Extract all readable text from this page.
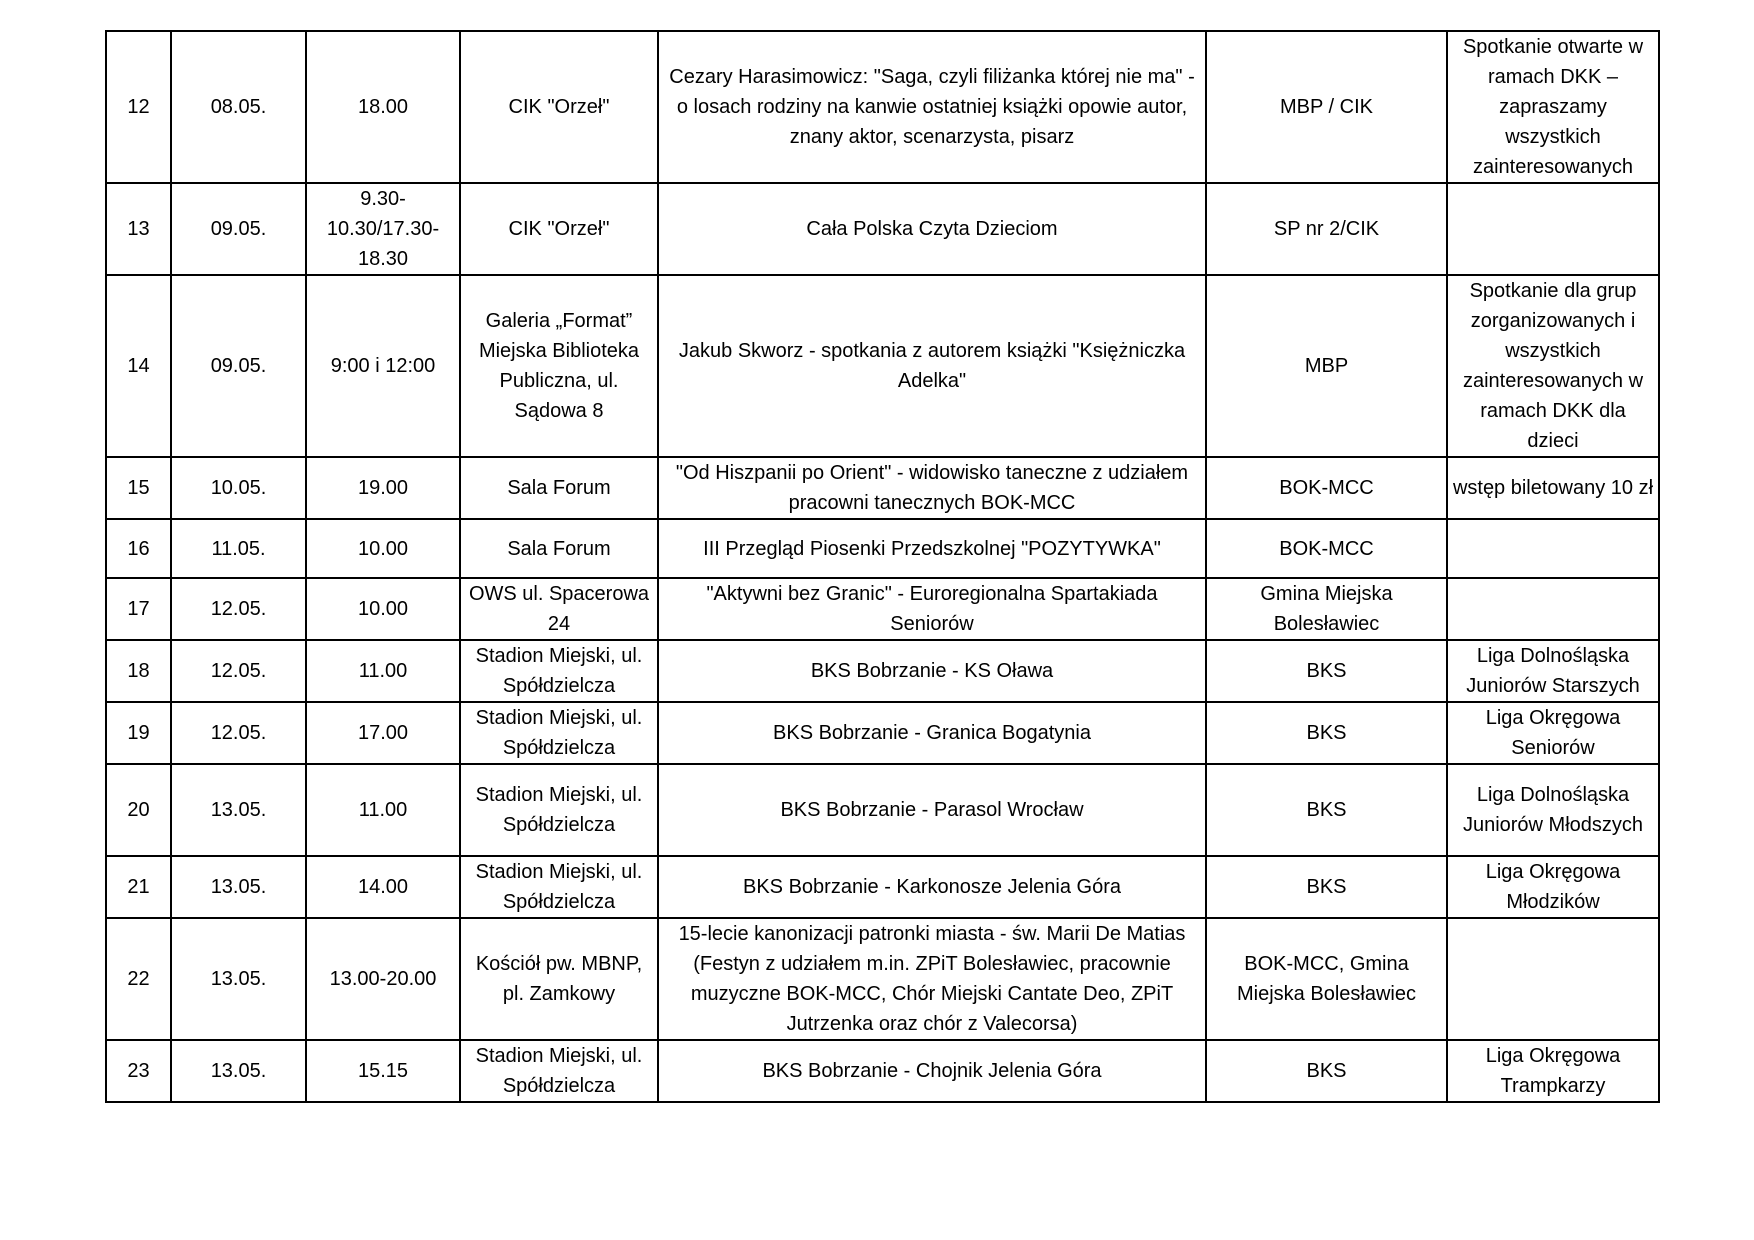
12	08.05.	18.00	CIK "Orzeł"	Cezary Harasimowicz: "Saga, czyli filiżanka której nie ma" - o losach rodziny na kanwie ostatniej książki opowie autor, znany aktor, scenarzysta, pisarz	MBP / CIK	Spotkanie otwarte w ramach DKK – zapraszamy wszystkich zainteresowanych
13	09.05.	9.30-10.30/17.30-18.30	CIK "Orzeł"	Cała Polska Czyta Dzieciom	SP nr 2/CIK	
14	09.05.	9:00 i 12:00	Galeria „Format” Miejska Biblioteka Publiczna, ul. Sądowa 8	Jakub Skworz - spotkania z autorem książki "Księżniczka Adelka"	MBP	Spotkanie dla grup zorganizowanych i wszystkich zainteresowanych w ramach DKK dla dzieci
15	10.05.	19.00	Sala Forum	"Od Hiszpanii po Orient" - widowisko taneczne z udziałem pracowni tanecznych BOK-MCC	BOK-MCC	wstęp biletowany 10 zł
16	11.05.	10.00	Sala Forum	III Przegląd Piosenki Przedszkolnej "POZYTYWKA"	BOK-MCC	
17	12.05.	10.00	OWS ul. Spacerowa 24	"Aktywni bez Granic" - Euroregionalna Spartakiada Seniorów	Gmina Miejska Bolesławiec	
18	12.05.	11.00	Stadion Miejski, ul. Spółdzielcza	BKS Bobrzanie - KS Oława	BKS	Liga Dolnośląska Juniorów Starszych
19	12.05.	17.00	Stadion Miejski, ul. Spółdzielcza	BKS Bobrzanie - Granica Bogatynia	BKS	Liga Okręgowa Seniorów
20	13.05.	11.00	Stadion Miejski, ul. Spółdzielcza	BKS Bobrzanie - Parasol Wrocław	BKS	Liga Dolnośląska Juniorów Młodszych
21	13.05.	14.00	Stadion Miejski, ul. Spółdzielcza	BKS Bobrzanie - Karkonosze Jelenia Góra	BKS	Liga Okręgowa Młodzików
22	13.05.	13.00-20.00	Kościół pw. MBNP, pl. Zamkowy	15-lecie kanonizacji patronki miasta - św. Marii De Matias (Festyn z udziałem m.in. ZPiT Bolesławiec, pracownie muzyczne BOK-MCC, Chór Miejski Cantate Deo, ZPiT Jutrzenka oraz chór z Valecorsa)	BOK-MCC, Gmina Miejska Bolesławiec	
23	13.05.	15.15	Stadion Miejski, ul. Spółdzielcza	BKS Bobrzanie - Chojnik Jelenia Góra	BKS	Liga Okręgowa Trampkarzy
